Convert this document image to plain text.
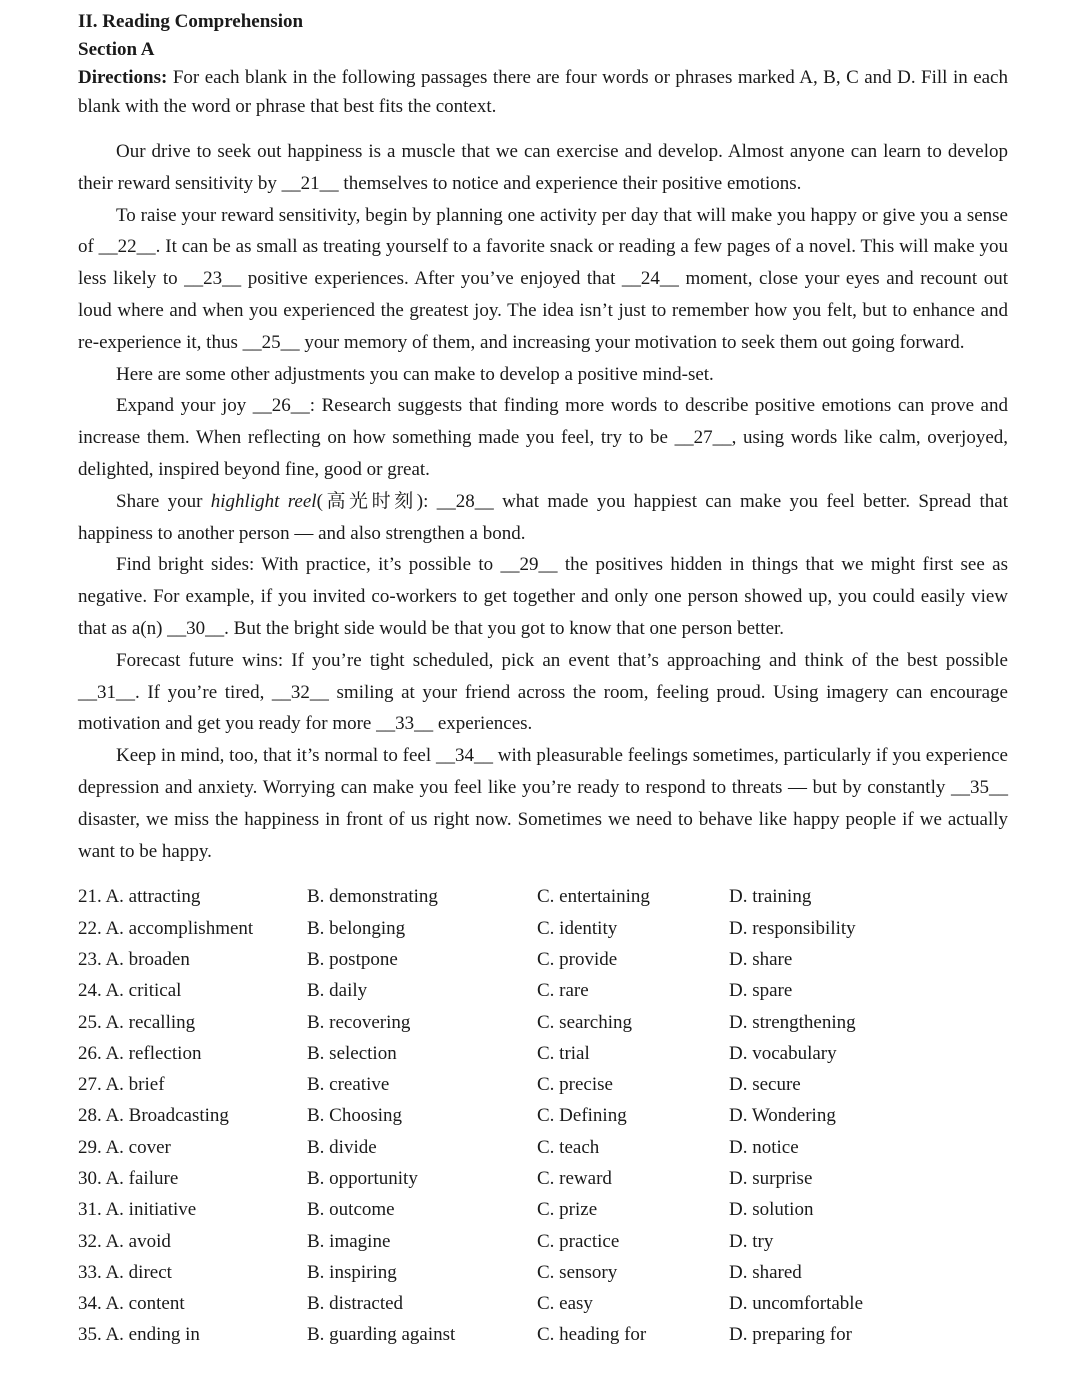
II. Reading Comprehension

Section A

Directions: For each blank in the following passages there are four words or phrases marked A, B, C and D. Fill in each blank with the word or phrase that best fits the context.

Our drive to seek out happiness is a muscle that we can exercise and develop. Almost anyone can learn to develop their reward sensitivity by __21__ themselves to notice and experience their positive emotions.

To raise your reward sensitivity, begin by planning one activity per day that will make you happy or give you a sense of __22__. It can be as small as treating yourself to a favorite snack or reading a few pages of a novel. This will make you less likely to __23__ positive experiences. After you’ve enjoyed that __24__ moment, close your eyes and recount out loud where and when you experienced the greatest joy. The idea isn’t just to remember how you felt, but to enhance and re-experience it, thus __25__ your memory of them, and increasing your motivation to seek them out going forward.

Here are some other adjustments you can make to develop a positive mind-set.

Expand your joy __26__: Research suggests that finding more words to describe positive emotions can prove and increase them. When reflecting on how something made you feel, try to be __27__, using words like calm, overjoyed, delighted, inspired beyond fine, good or great.

Share your highlight reel(高光时刻): __28__ what made you happiest can make you feel better. Spread that happiness to another person — and also strengthen a bond.

Find bright sides: With practice, it’s possible to __29__ the positives hidden in things that we might first see as negative. For example, if you invited co-workers to get together and only one person showed up, you could easily view that as a(n) __30__. But the bright side would be that you got to know that one person better.

Forecast future wins: If you’re tight scheduled, pick an event that’s approaching and think of the best possible __31__. If you’re tired, __32__ smiling at your friend across the room, feeling proud. Using imagery can encourage motivation and get you ready for more __33__ experiences.

Keep in mind, too, that it’s normal to feel __34__ with pleasurable feelings sometimes, particularly if you experience depression and anxiety. Worrying can make you feel like you’re ready to respond to threats — but by constantly __35__ disaster, we miss the happiness in front of us right now. Sometimes we need to behave like happy people if we actually want to be happy.

21. A. attracting	B. demonstrating	C. entertaining	D. training
22. A. accomplishment	B. belonging	C. identity	D. responsibility
23. A. broaden	B. postpone	C. provide	D. share
24. A. critical	B. daily	C. rare	D. spare
25. A. recalling	B. recovering	C. searching	D. strengthening
26. A. reflection	B. selection	C. trial	D. vocabulary
27. A. brief	B. creative	C. precise	D. secure
28. A. Broadcasting	B. Choosing	C. Defining	D. Wondering
29. A. cover	B. divide	C. teach	D. notice
30. A. failure	B. opportunity	C. reward	D. surprise
31. A. initiative	B. outcome	C. prize	D. solution
32. A. avoid	B. imagine	C. practice	D. try
33. A. direct	B. inspiring	C. sensory	D. shared
34. A. content	B. distracted	C. easy	D. uncomfortable
35. A. ending in	B. guarding against	C. heading for	D. preparing for
